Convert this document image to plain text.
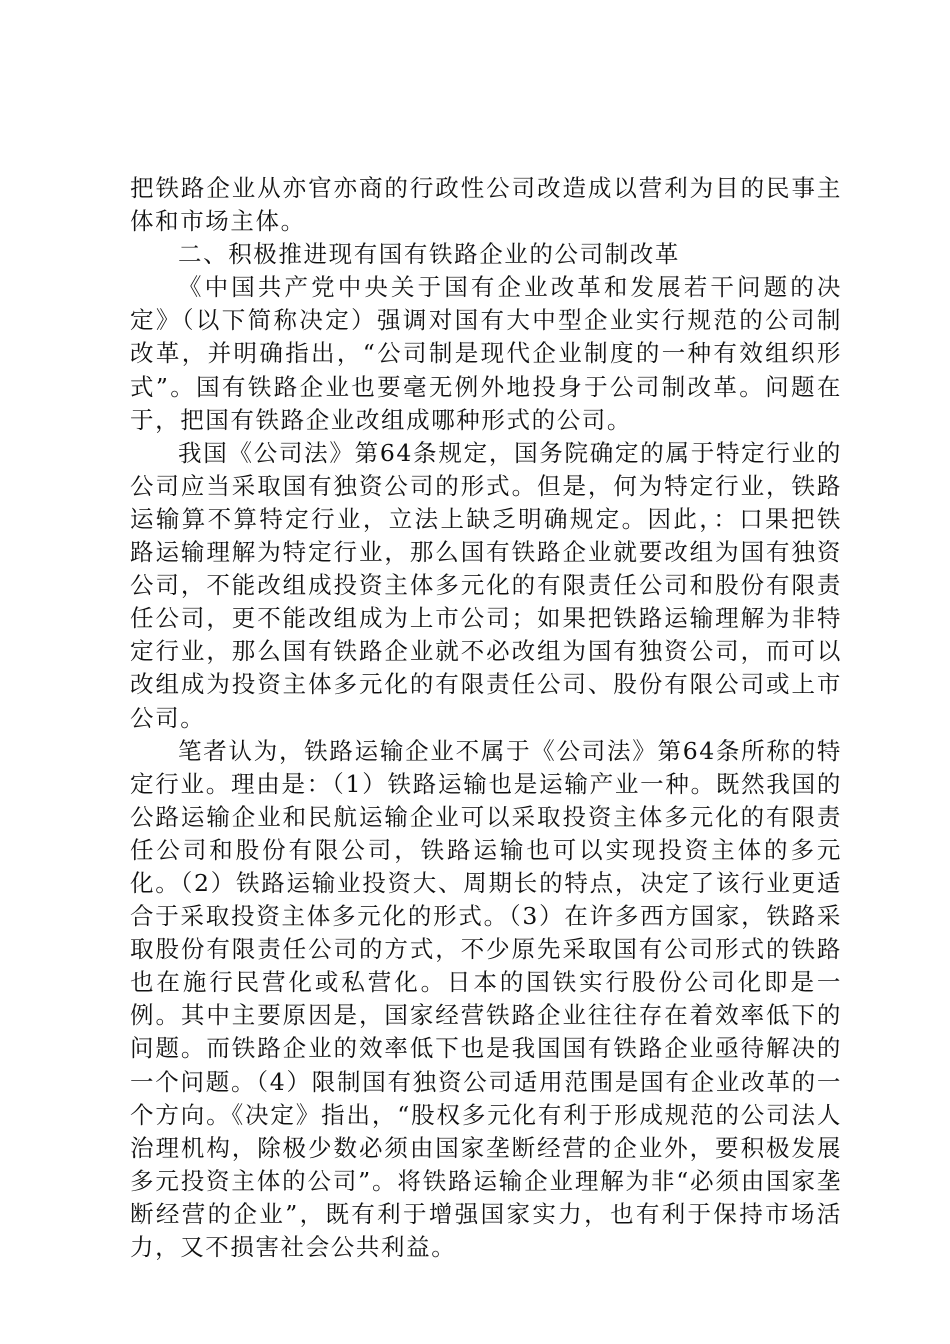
把铁路企业从亦官亦商的行政性公司改造成以营利为目的民事主体和市场主体。

二、积极推进现有国有铁路企业的公司制改革

《中国共产党中央关于国有企业改革和发展若干问题的决定》（以下简称决定）强调对国有大中型企业实行规范的公司制改革，并明确指出，“公司制是现代企业制度的一种有效组织形式”。国有铁路企业也要毫无例外地投身于公司制改革。问题在于，把国有铁路企业改组成哪种形式的公司。

我国《公司法》第64条规定，国务院确定的属于特定行业的公司应当采取国有独资公司的形式。但是，何为特定行业，铁路运输算不算特定行业，立法上缺乏明确规定。因此，：口果把铁路运输理解为特定行业，那么国有铁路企业就要改组为国有独资公司，不能改组成投资主体多元化的有限责任公司和股份有限责任公司，更不能改组成为上市公司；如果把铁路运输理解为非特定行业，那么国有铁路企业就不必改组为国有独资公司，而可以改组成为投资主体多元化的有限责任公司、股份有限公司或上市公司。

笔者认为，铁路运输企业不属于《公司法》第64条所称的特定行业。理由是：（1）铁路运输也是运输产业一种。既然我国的公路运输企业和民航运输企业可以采取投资主体多元化的有限责任公司和股份有限公司，铁路运输也可以实现投资主体的多元化。（2）铁路运输业投资大、周期长的特点，决定了该行业更适合于采取投资主体多元化的形式。（3）在许多西方国家，铁路采取股份有限责任公司的方式，不少原先采取国有公司形式的铁路也在施行民营化或私营化。日本的国铁实行股份公司化即是一例。其中主要原因是，国家经营铁路企业往往存在着效率低下的问题。而铁路企业的效率低下也是我国国有铁路企业亟待解决的一个问题。（4）限制国有独资公司适用范围是国有企业改革的一个方向。《决定》指出，“股权多元化有利于形成规范的公司法人治理机构，除极少数必须由国家垄断经营的企业外，要积极发展多元投资主体的公司”。将铁路运输企业理解为非“必须由国家垄断经营的企业”，既有利于增强国家实力，也有利于保持市场活力，又不损害社会公共利益。
